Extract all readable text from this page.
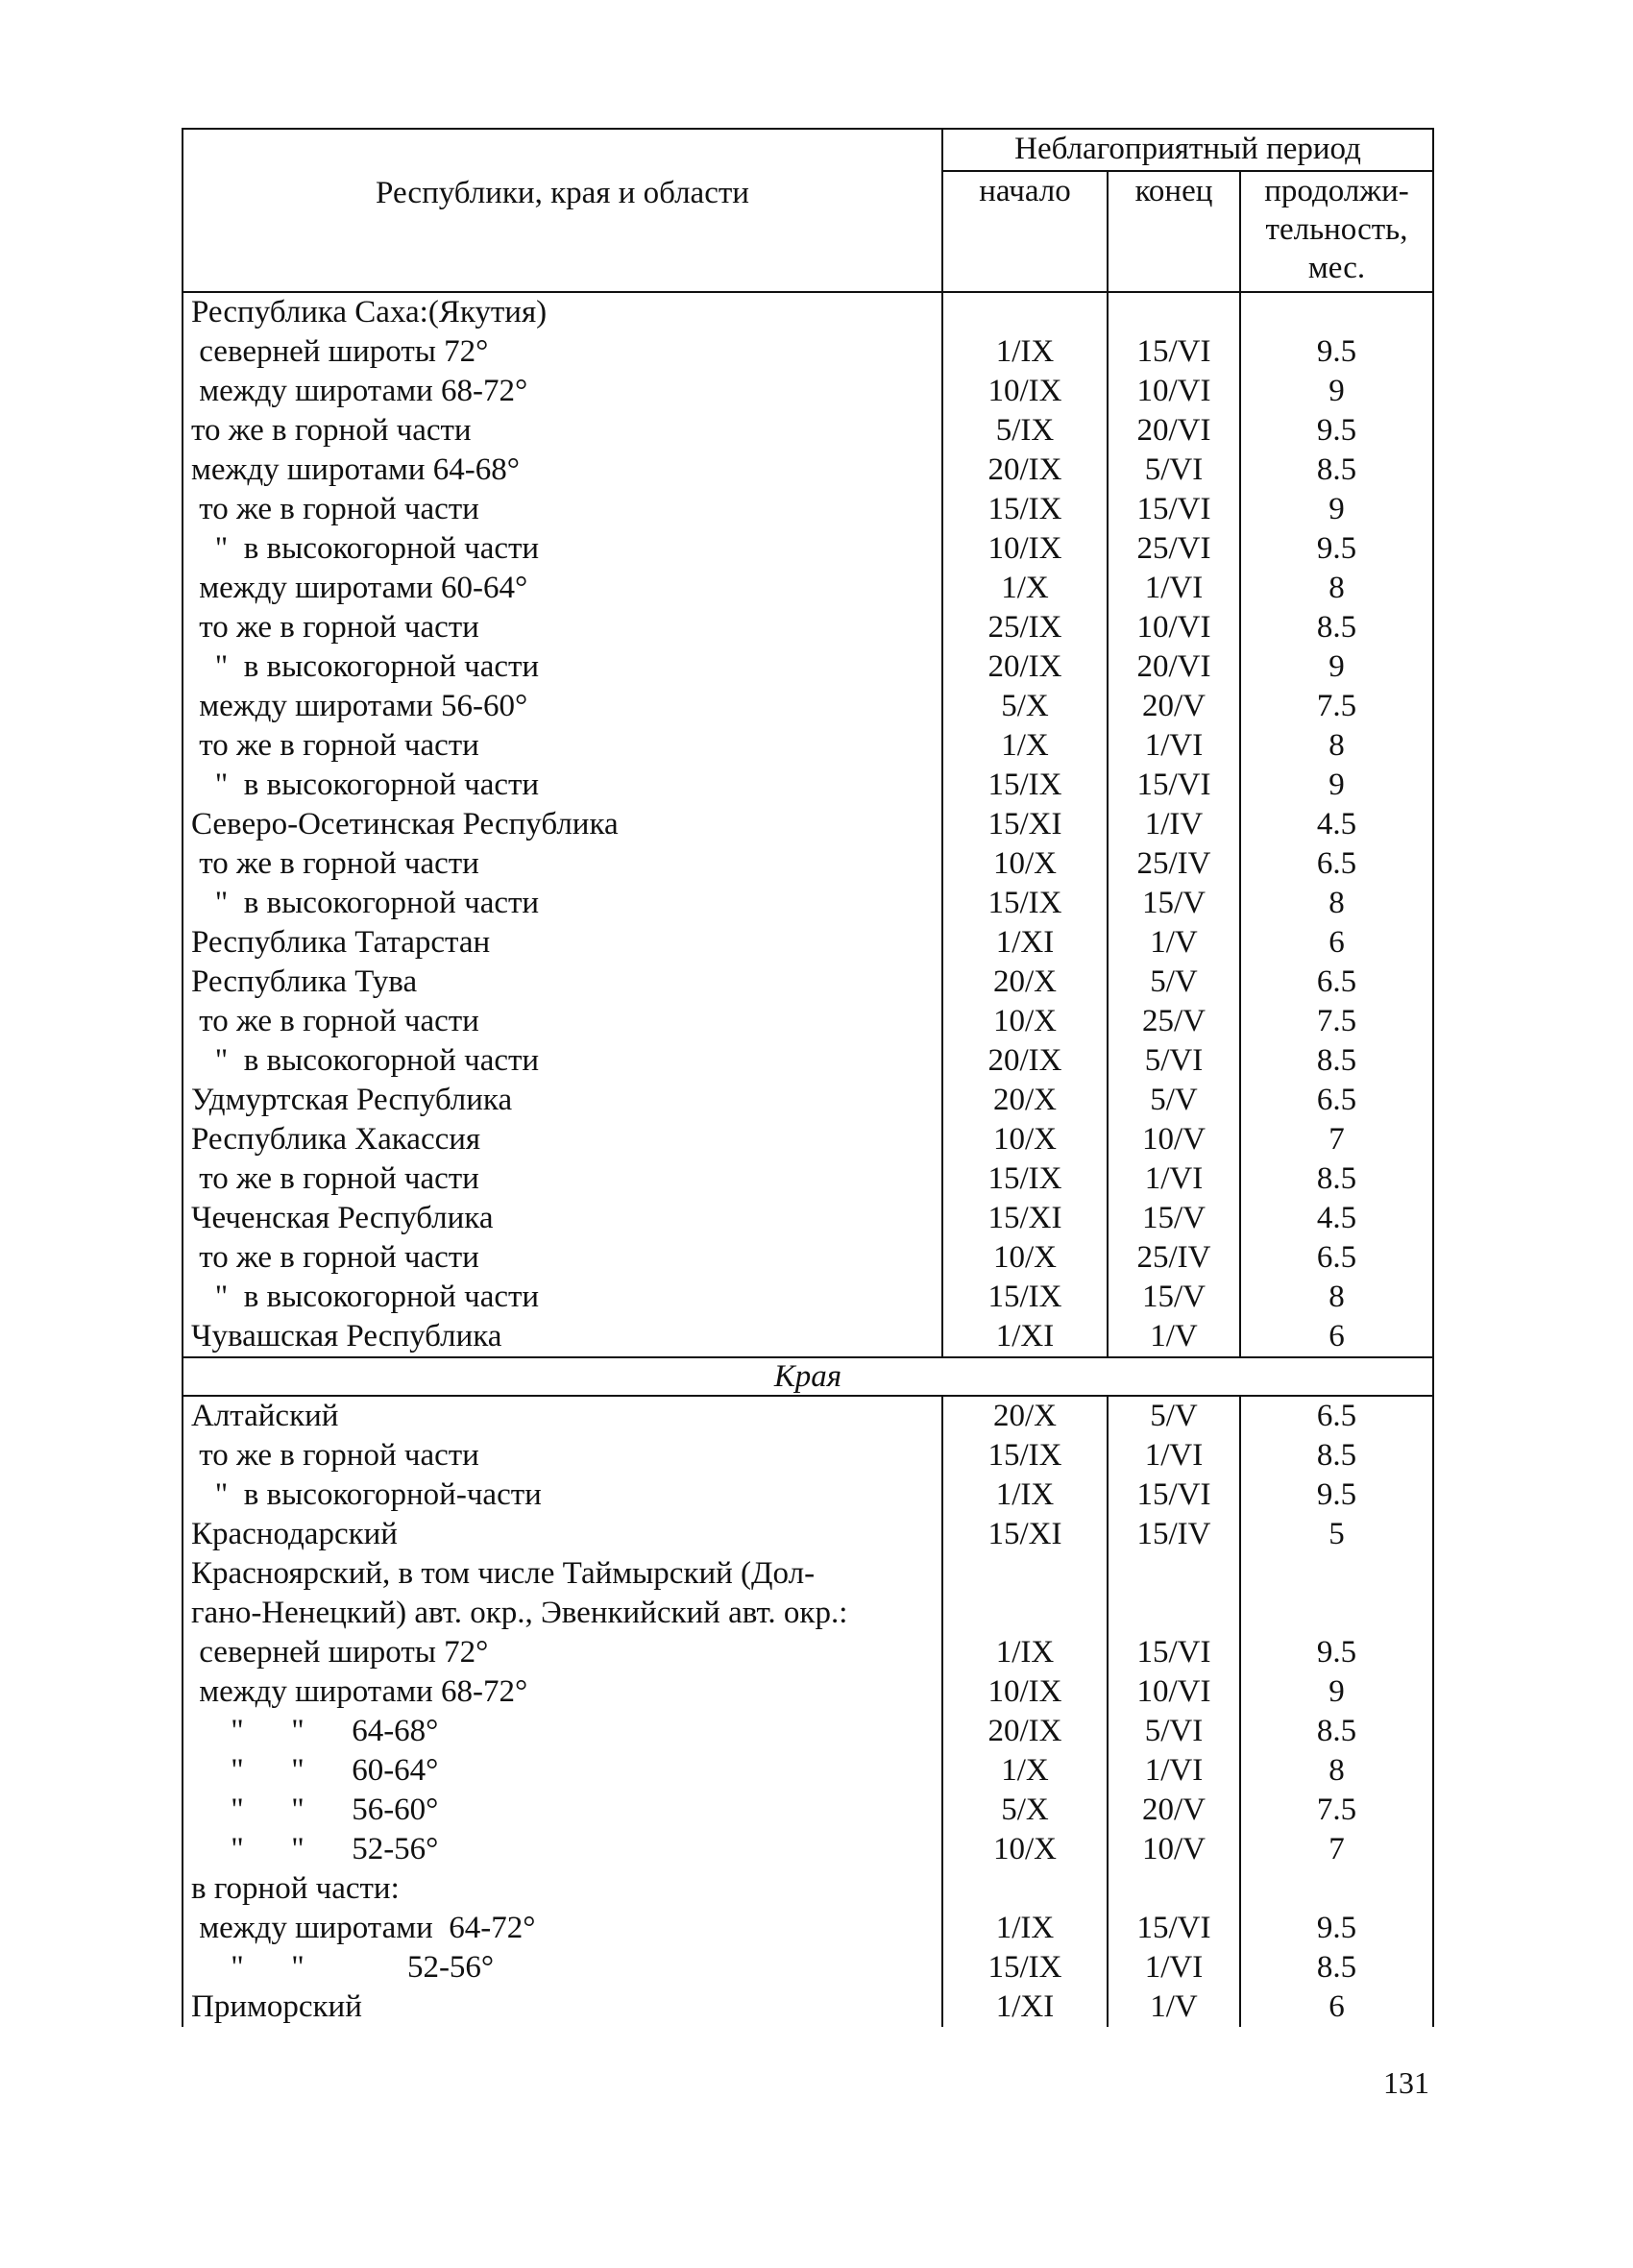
Республики, края и области	Неблагоприятный период		
	начало	конец	продолжи-
тельность,
мес.
Республика Саха:(Якутия)			
северней широты 72°	1/IX	15/VI	9.5
между широтами 68-72°	10/IX	10/VI	9
то же в горной части	5/IX	20/VI	9.5
между широтами 64-68°	20/IX	5/VI	8.5
то же в горной части	15/IX	15/VI	9
"  в высокогорной части	10/IX	25/VI	9.5
между широтами 60-64°	1/X	1/VI	8
то же в горной части	25/IX	10/VI	8.5
"  в высокогорной части	20/IX	20/VI	9
между широтами 56-60°	5/X	20/V	7.5
то же в горной части	1/X	1/VI	8
"  в высокогорной части	15/IX	15/VI	9
Северо-Осетинская Республика	15/XI	1/IV	4.5
то же в горной части	10/X	25/IV	6.5
"  в высокогорной части	15/IX	15/V	8
Республика Татарстан	1/XI	1/V	6
Республика Тува	20/X	5/V	6.5
то же в горной части	10/X	25/V	7.5
"  в высокогорной части	20/IX	5/VI	8.5
Удмуртская Республика	20/X	5/V	6.5
Республика Хакассия	10/X	10/V	7
то же в горной части	15/IX	1/VI	8.5
Чеченская Республика	15/XI	15/V	4.5
то же в горной части	10/X	25/IV	6.5
"  в высокогорной части	15/IX	15/V	8
Чувашская Республика	1/XI	1/V	6
Края			
Алтайский	20/X	5/V	6.5
то же в горной части	15/IX	1/VI	8.5
"  в высокогорной-части	1/IX	15/VI	9.5
Краснодарский	15/XI	15/IV	5
Красноярский, в том числе Таймырский (Дол-			
гано-Ненецкий) авт. окр., Эвенкийский авт. окр.:			
северней широты 72°	1/IX	15/VI	9.5
между широтами 68-72°	10/IX	10/VI	9
"      "      64-68°	20/IX	5/VI	8.5
"      "      60-64°	1/X	1/VI	8
"      "      56-60°	5/X	20/V	7.5
"      "      52-56°	10/X	10/V	7
в горной части:			
между широтами  64-72°	1/IX	15/VI	9.5
"      "             52-56°	15/IX	1/VI	8.5
Приморский	1/XI	1/V	6
131
